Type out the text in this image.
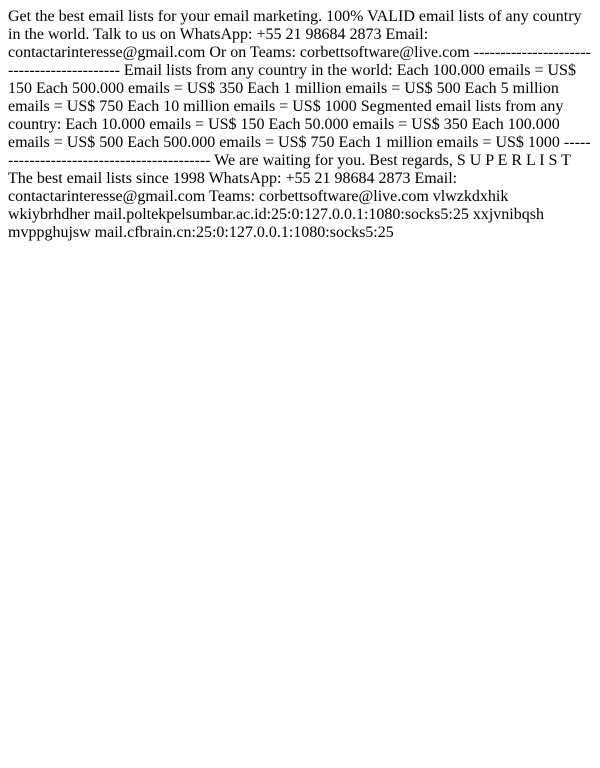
Get the best email lists for your email marketing. 100% VALID email lists of any country in the world. Talk to us on WhatsApp: +55 21 98684 2873 Email: contactarinteresse@gmail.com Or on Teams: corbettsoftware@live.com ------------------------------------------- Email lists from any country in the world: Each 100.000 emails = US$ 150 Each 500.000 emails = US$ 350 Each 1 million emails = US$ 500 Each 5 million emails = US$ 750 Each 10 million emails = US$ 1000 Segmented email lists from any country: Each 10.000 emails = US$ 150 Each 50.000 emails = US$ 350 Each 100.000 emails = US$ 500 Each 500.000 emails = US$ 750 Each 1 million emails = US$ 1000 ------------------------------------------- We are waiting for you. Best regards, S U P E R L I S T The best email lists since 1998 WhatsApp: +55 21 98684 2873 Email: contactarinteresse@gmail.com Teams: corbettsoftware@live.com vlwzkdxhik wkiybrhdher mail.poltekpelsumbar.ac.id:25:0:127.0.0.1:1080:socks5:25 xxjvnibqsh mvppghujsw mail.cfbrain.cn:25:0:127.0.0.1:1080:socks5:25
